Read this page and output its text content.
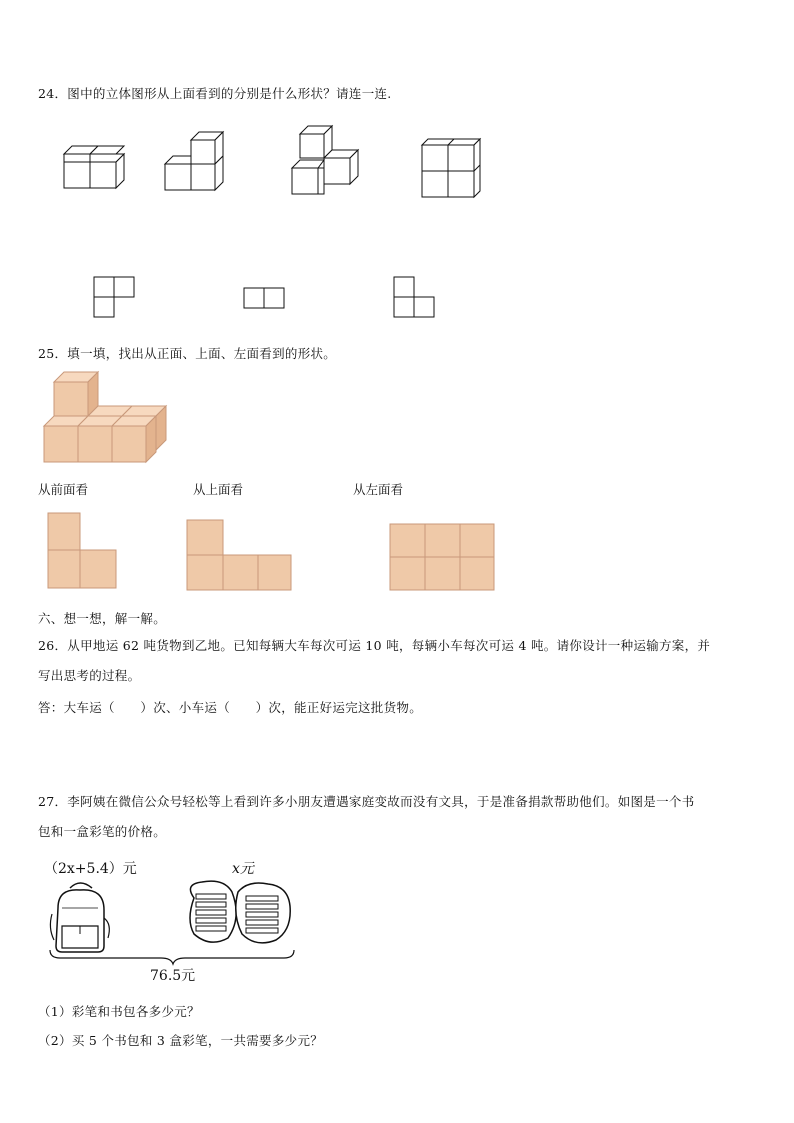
24．图中的立体图形从上面看到的分别是什么形状？请连一连.
25．填一填，找出从正面、上面、左面看到的形状。
从前面看	从上面看	从左面看
六、想一想，解一解。
26．从甲地运 62 吨货物到乙地。已知每辆大车每次可运 10 吨，每辆小车每次可运 4 吨。请你设计一种运输方案，并
写出思考的过程。
答：大车运（　　）次、小车运（　　）次，能正好运完这批货物。
27．李阿姨在微信公众号轻松等上看到许多小朋友遭遇家庭变故而没有文具，于是准备捐款帮助他们。如图是一个书
包和一盒彩笔的价格。
（2x+5.4）元	x元
76.5元
（1）彩笔和书包各多少元？
（2）买 5 个书包和 3 盒彩笔，一共需要多少元？
